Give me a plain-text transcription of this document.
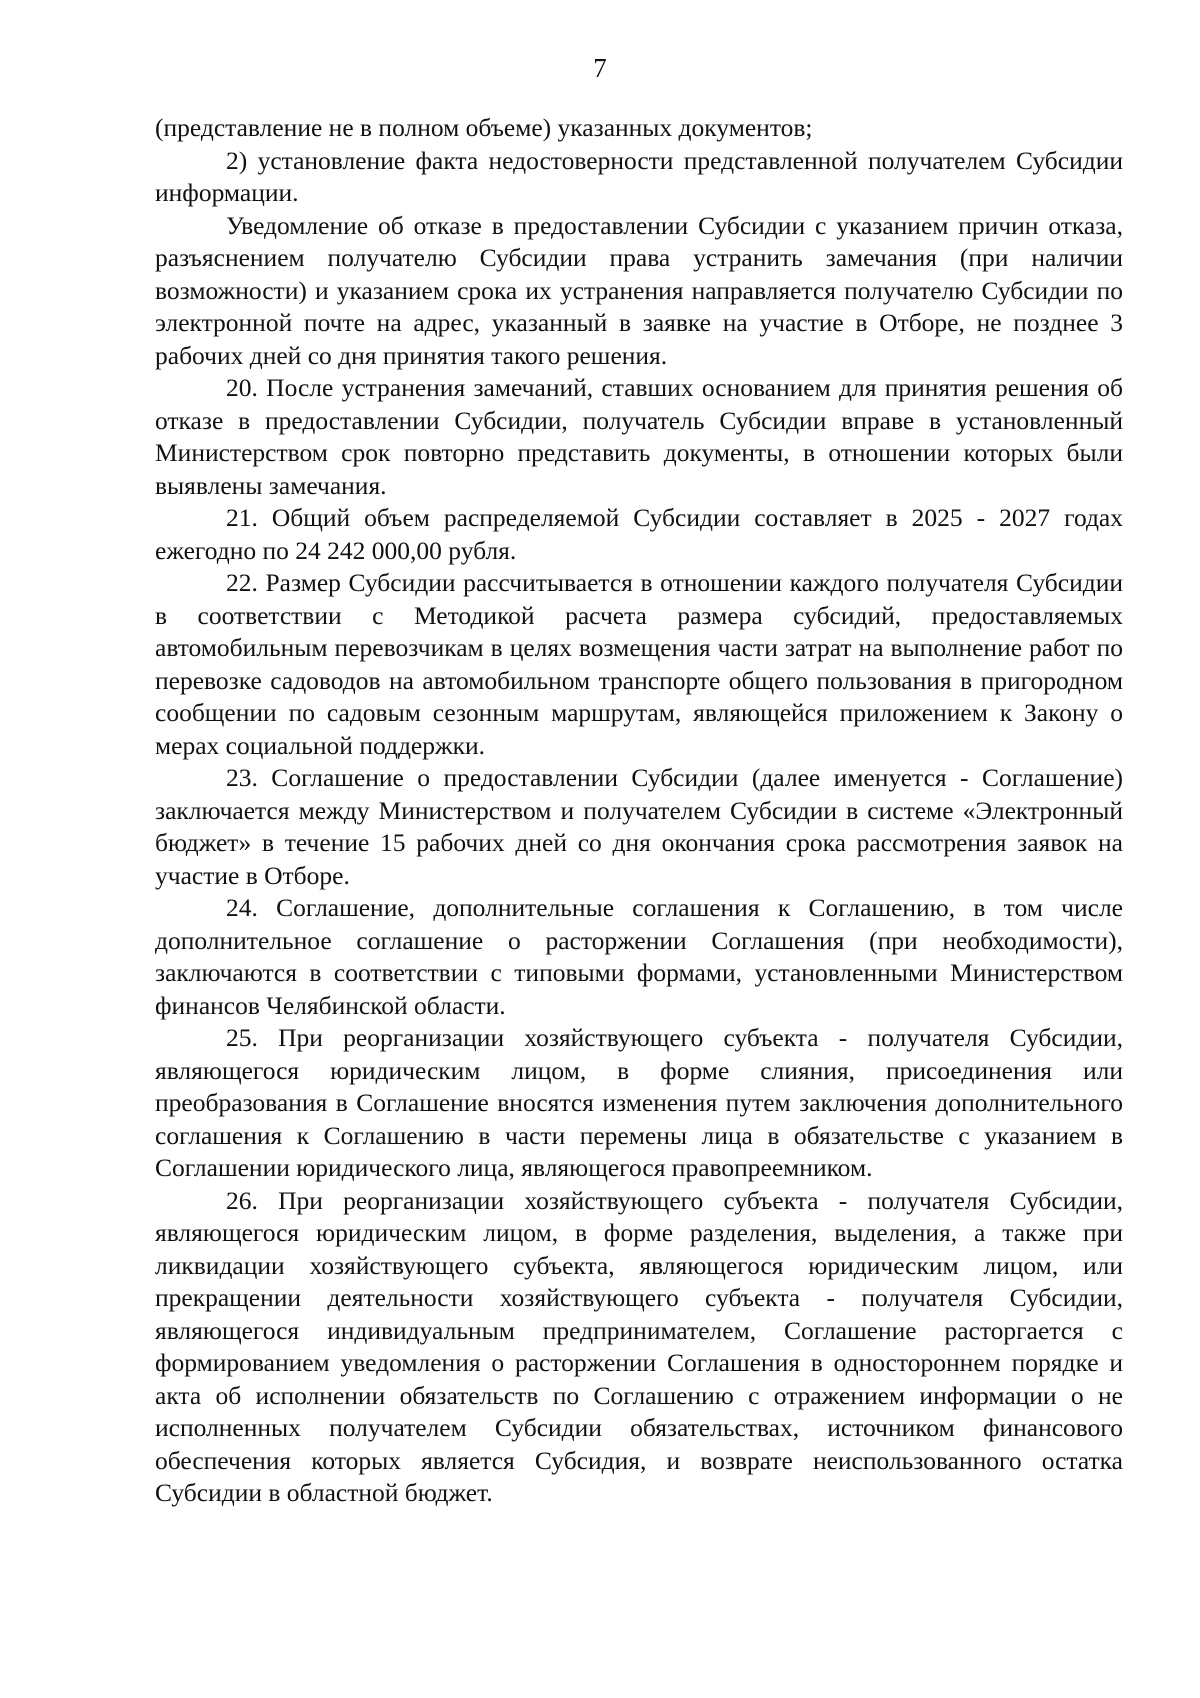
7

(представление не в полном объеме) указанных документов;

2) установление факта недостоверности представленной получателем Субсидии информации.

Уведомление об отказе в предоставлении Субсидии с указанием причин отказа, разъяснением получателю Субсидии права устранить замечания (при наличии возможности) и указанием срока их устранения направляется получателю Субсидии по электронной почте на адрес, указанный в заявке на участие в Отборе, не позднее 3 рабочих дней со дня принятия такого решения.

20. После устранения замечаний, ставших основанием для принятия решения об отказе в предоставлении Субсидии, получатель Субсидии вправе в установленный Министерством срок повторно представить документы, в отношении которых были выявлены замечания.

21. Общий объем распределяемой Субсидии составляет в 2025 - 2027 годах ежегодно по 24 242 000,00 рубля.

22. Размер Субсидии рассчитывается в отношении каждого получателя Субсидии в соответствии с Методикой расчета размера субсидий, предоставляемых автомобильным перевозчикам в целях возмещения части затрат на выполнение работ по перевозке садоводов на автомобильном транспорте общего пользования в пригородном сообщении по садовым сезонным маршрутам, являющейся приложением к Закону о мерах социальной поддержки.

23. Соглашение о предоставлении Субсидии (далее именуется - Соглашение) заключается между Министерством и получателем Субсидии в системе «Электронный бюджет» в течение 15 рабочих дней со дня окончания срока рассмотрения заявок на участие в Отборе.

24. Соглашение, дополнительные соглашения к Соглашению, в том числе дополнительное соглашение о расторжении Соглашения (при необходимости), заключаются в соответствии с типовыми формами, установленными Министерством финансов Челябинской области.

25. При реорганизации хозяйствующего субъекта - получателя Субсидии, являющегося юридическим лицом, в форме слияния, присоединения или преобразования в Соглашение вносятся изменения путем заключения дополнительного соглашения к Соглашению в части перемены лица в обязательстве с указанием в Соглашении юридического лица, являющегося правопреемником.

26. При реорганизации хозяйствующего субъекта - получателя Субсидии, являющегося юридическим лицом, в форме разделения, выделения, а также при ликвидации хозяйствующего субъекта, являющегося юридическим лицом, или прекращении деятельности хозяйствующего субъекта - получателя Субсидии, являющегося индивидуальным предпринимателем, Соглашение расторгается с формированием уведомления о расторжении Соглашения в одностороннем порядке и акта об исполнении обязательств по Соглашению с отражением информации о не исполненных получателем Субсидии обязательствах, источником финансового обеспечения которых является Субсидия, и возврате неиспользованного остатка Субсидии в областной бюджет.
